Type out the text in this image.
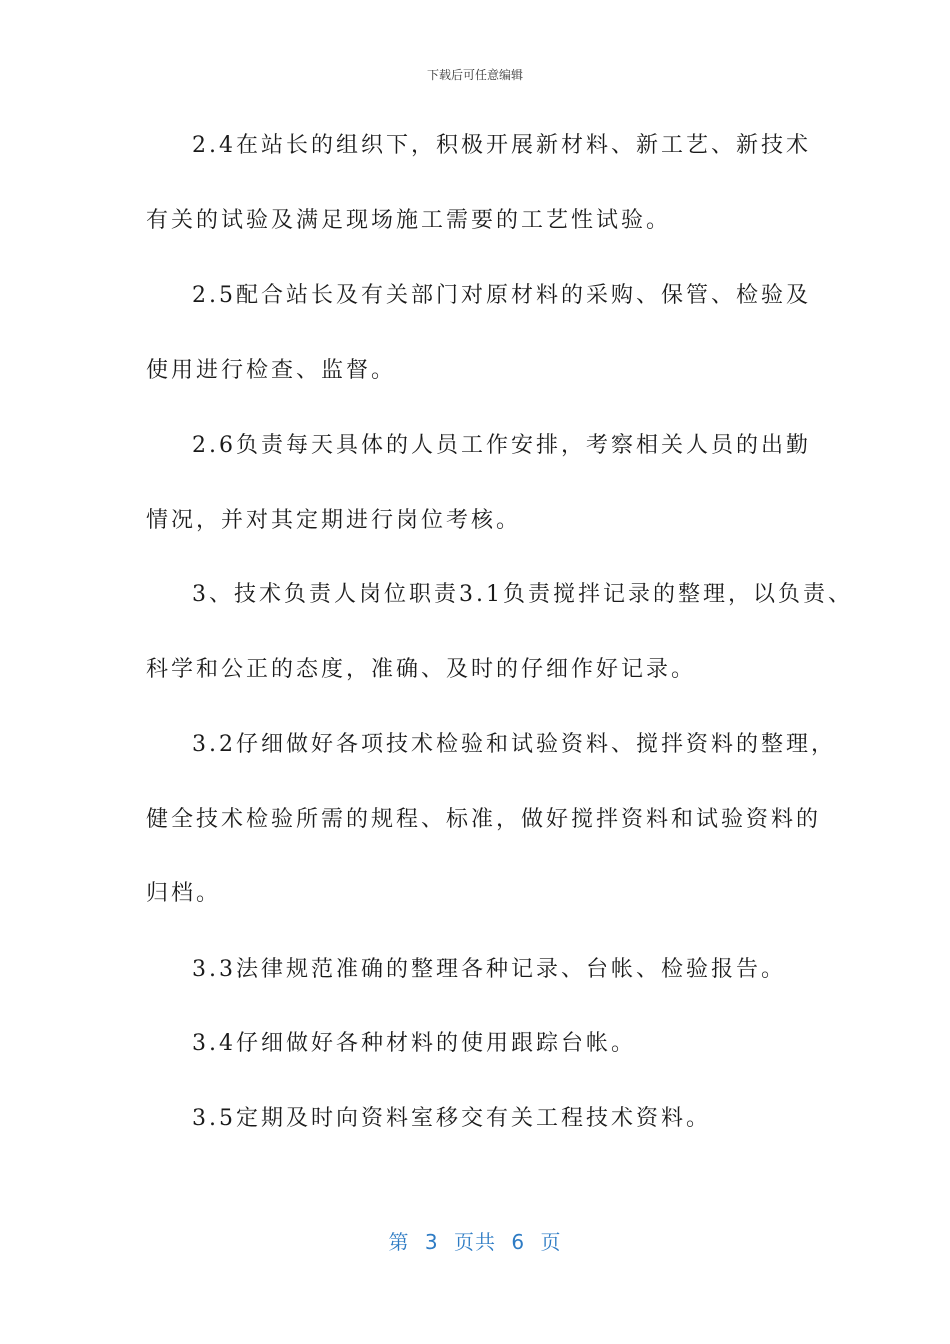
下载后可任意编辑
2.4在站长的组织下，积极开展新材料、新工艺、新技术
有关的试验及满足现场施工需要的工艺性试验。
2.5配合站长及有关部门对原材料的采购、保管、检验及
使用进行检查、监督。
2.6负责每天具体的人员工作安排，考察相关人员的出勤
情况，并对其定期进行岗位考核。
3、技术负责人岗位职责3.1负责搅拌记录的整理，以负责、
科学和公正的态度，准确、及时的仔细作好记录。
3.2仔细做好各项技术检验和试验资料、搅拌资料的整理，
健全技术检验所需的规程、标准，做好搅拌资料和试验资料的
归档。
3.3法律规范准确的整理各种记录、台帐、检验报告。
3.4仔细做好各种材料的使用跟踪台帐。
3.5定期及时向资料室移交有关工程技术资料。
第 3 页共 6 页
